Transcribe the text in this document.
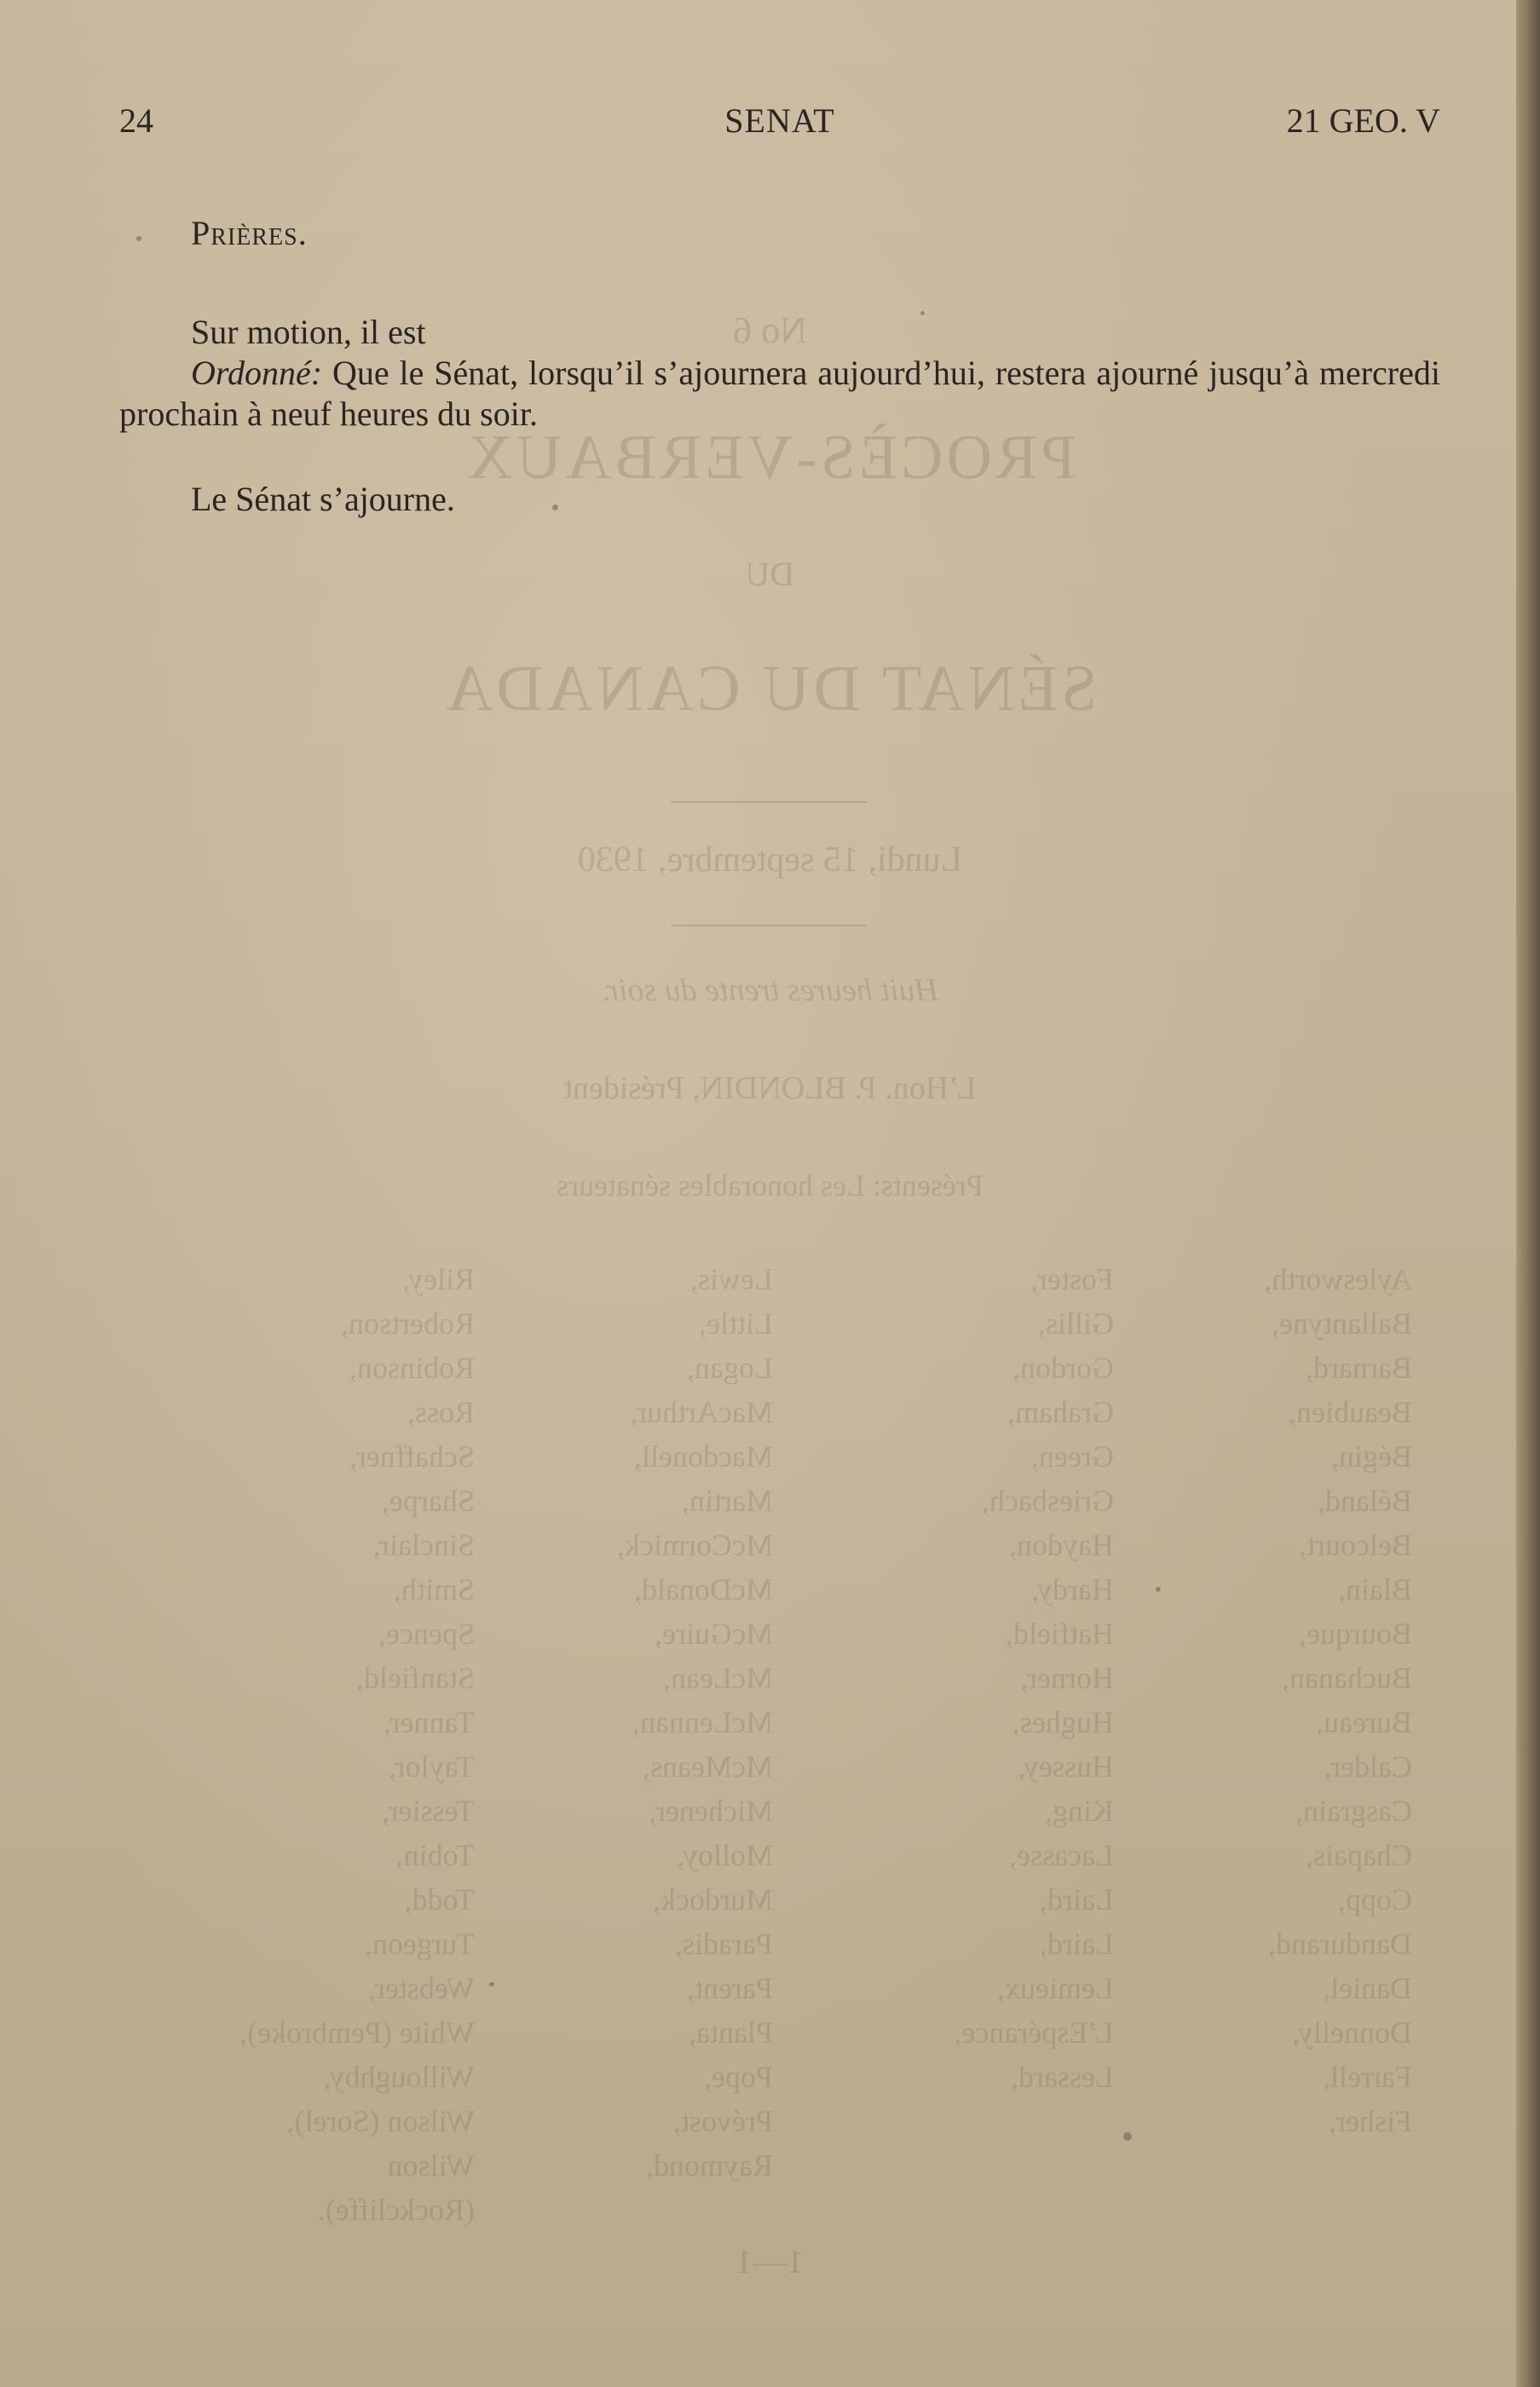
No 6
PROCÈS-VERBAUX
DU
SÉNAT DU CANADA
Lundi, 15 septembre, 1930
Huit heures trente du soir.
L’Hon. P. BLONDIN, Président
Présents: Les honorables sénateurs
Aylesworth,
Ballantyne,
Barnard,
Beaubien,
Bégin,
Béland,
Belcourt,
Blain,
Bourque,
Buchanan,
Bureau,
Calder,
Casgrain,
Chapais,
Copp,
Dandurand,
Daniel,
Donnelly,
Farrell,
Fisher,
Foster,
Gillis,
Gordon,
Graham,
Green,
Griesbach,
Haydon,
Hardy,
Hatfield,
Horner,
Hughes,
Hussey,
King,
Lacasse,
Laird,
Laird,
Lemieux,
L’Espérance,
Lessard,
Lewis,
Little,
Logan,
MacArthur,
Macdonell,
Martin,
McCormick,
McDonald,
McGuire,
McLean,
McLennan,
McMeans,
Michener,
Molloy,
Murdock,
Paradis,
Parent,
Planta,
Pope,
Prévost,
Raymond,
Riley,
Robertson,
Robinson,
Ross,
Schaffner,
Sharpe,
Sinclair,
Smith,
Spence,
Stanfield,
Tanner,
Taylor,
Tessier,
Tobin,
Todd,
Turgeon,
Webster,
White (Pembroke),
Willoughby,
Wilson (Sorel),
Wilson
(Rockcliffe).
1—1
24	SENAT	21 GEO. V

Prières.

Sur motion, il est

Ordonné: Que le Sénat, lorsqu’il s’ajournera aujourd’hui, restera ajourné jusqu’à mercredi prochain à neuf heures du soir.

Le Sénat s’ajourne.
